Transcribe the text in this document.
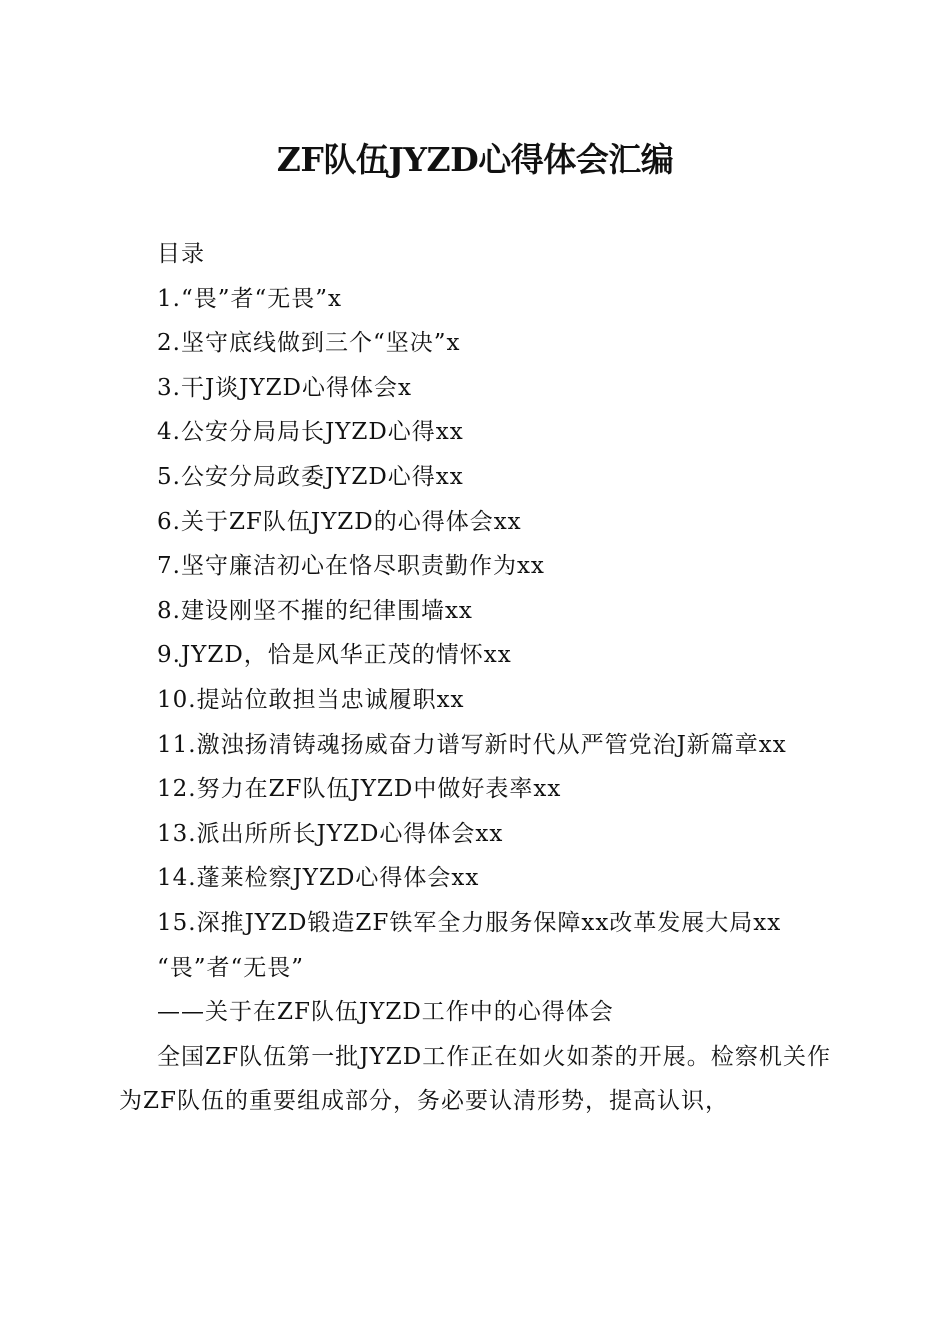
ZF队伍JYZD心得体会汇编

目录

1.“畏”者“无畏”x

2.坚守底线做到三个“坚决”x

3.干J谈JYZD心得体会x

4.公安分局局长JYZD心得xx

5.公安分局政委JYZD心得xx

6.关于ZF队伍JYZD的心得体会xx

7.坚守廉洁初心在恪尽职责勤作为xx

8.建设刚坚不摧的纪律围墙xx

9.JYZD，恰是风华正茂的情怀xx

10.提站位敢担当忠诚履职xx

11.激浊扬清铸魂扬威奋力谱写新时代从严管党治J新篇章xx

12.努力在ZF队伍JYZD中做好表率xx

13.派出所所长JYZD心得体会xx

14.蓬莱检察JYZD心得体会xx

15.深推JYZD锻造ZF铁军全力服务保障xx改革发展大局xx

“畏”者“无畏”

——关于在ZF队伍JYZD工作中的心得体会

全国ZF队伍第一批JYZD工作正在如火如荼的开展。检察机关作为ZF队伍的重要组成部分，务必要认清形势，提高认识，
